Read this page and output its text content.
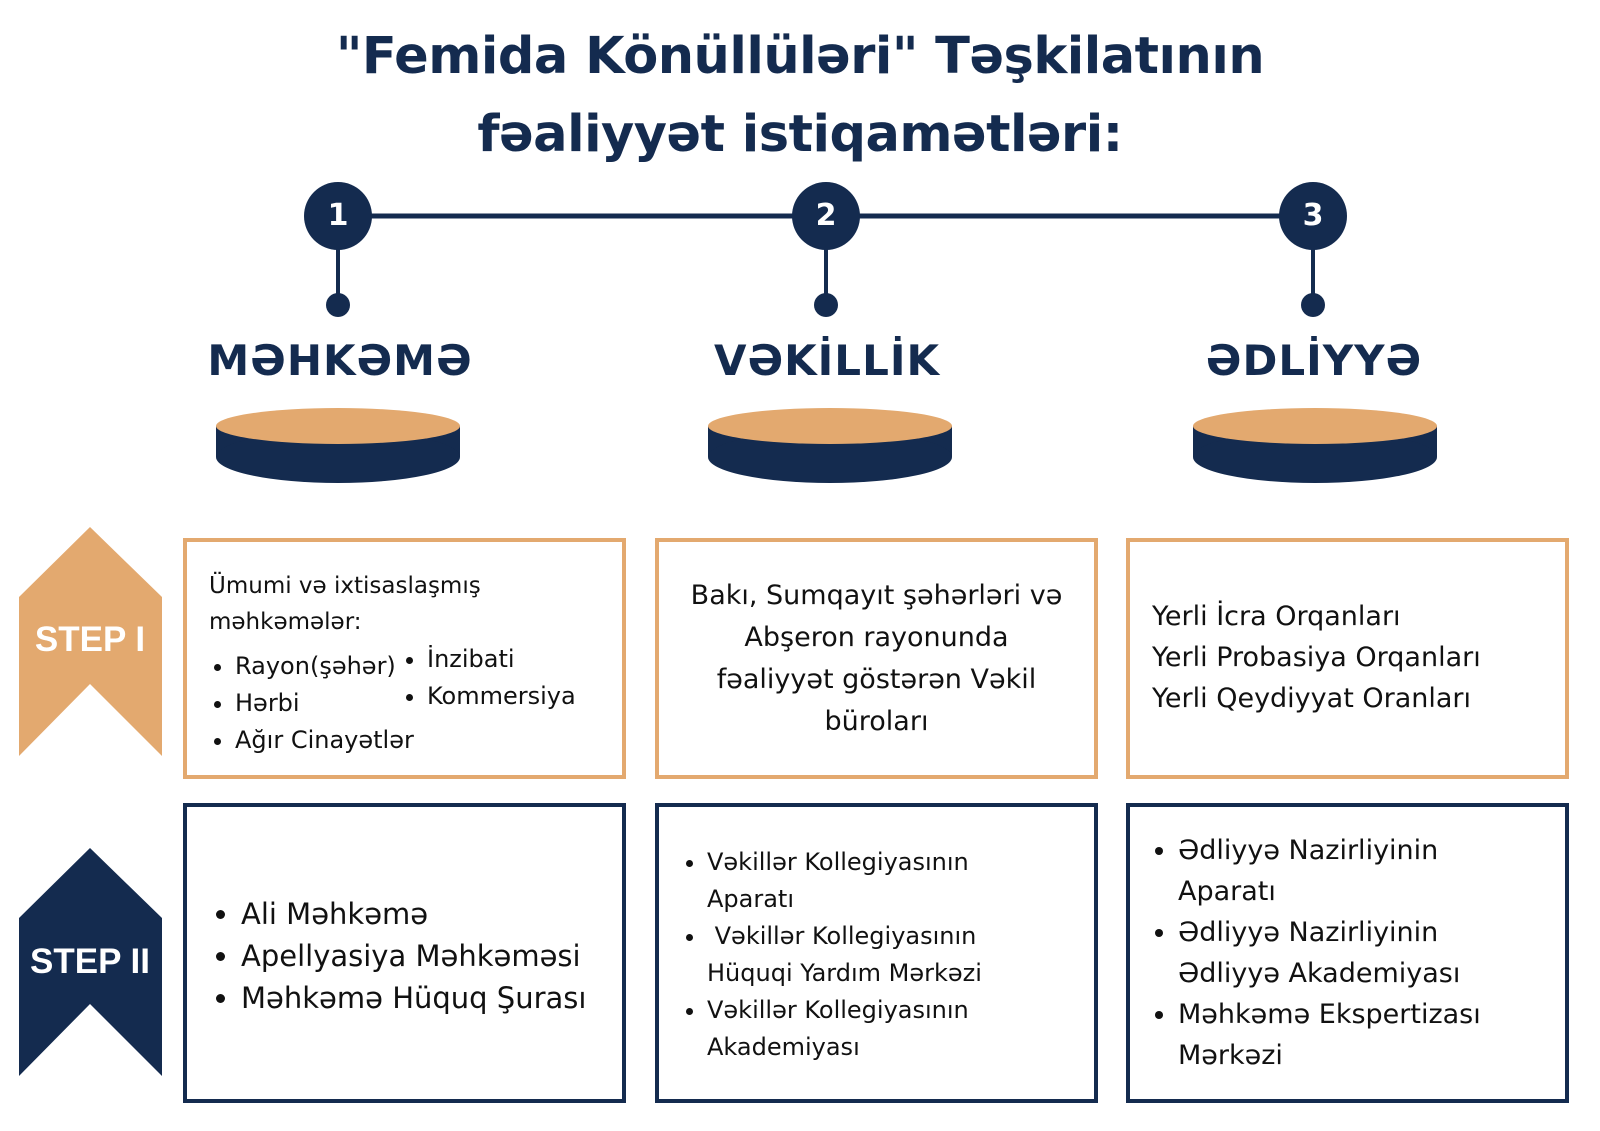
"Femida Könüllüləri" Təşkilatının
fəaliyyət istiqamətləri:
1	2	3
MƏHKƏMƏ	VƏKİLLİK	ƏDLİYYƏ
STEP I
STEP II
Ümumi və ixtisaslaşmış
məhkəmələr:
• Rayon(şəhər)
• Hərbi
• Ağır Cinayətlər
• İnzibati
• Kommersiya
Bakı, Sumqayıt şəhərləri və
Abşeron rayonunda
fəaliyyət göstərən Vəkil
büroları
Yerli İcra Orqanları
Yerli Probasiya Orqanları
Yerli Qeydiyyat Oranları
• Ali Məhkəmə
• Apellyasiya Məhkəməsi
• Məhkəmə Hüquq Şurası
• Vəkillər Kollegiyasının
Aparatı
•  Vəkillər Kollegiyasının
Hüquqi Yardım Mərkəzi
• Vəkillər Kollegiyasının
Akademiyası
• Ədliyyə Nazirliyinin
Aparatı
• Ədliyyə Nazirliyinin
Ədliyyə Akademiyası
• Məhkəmə Ekspertizası
Mərkəzi
